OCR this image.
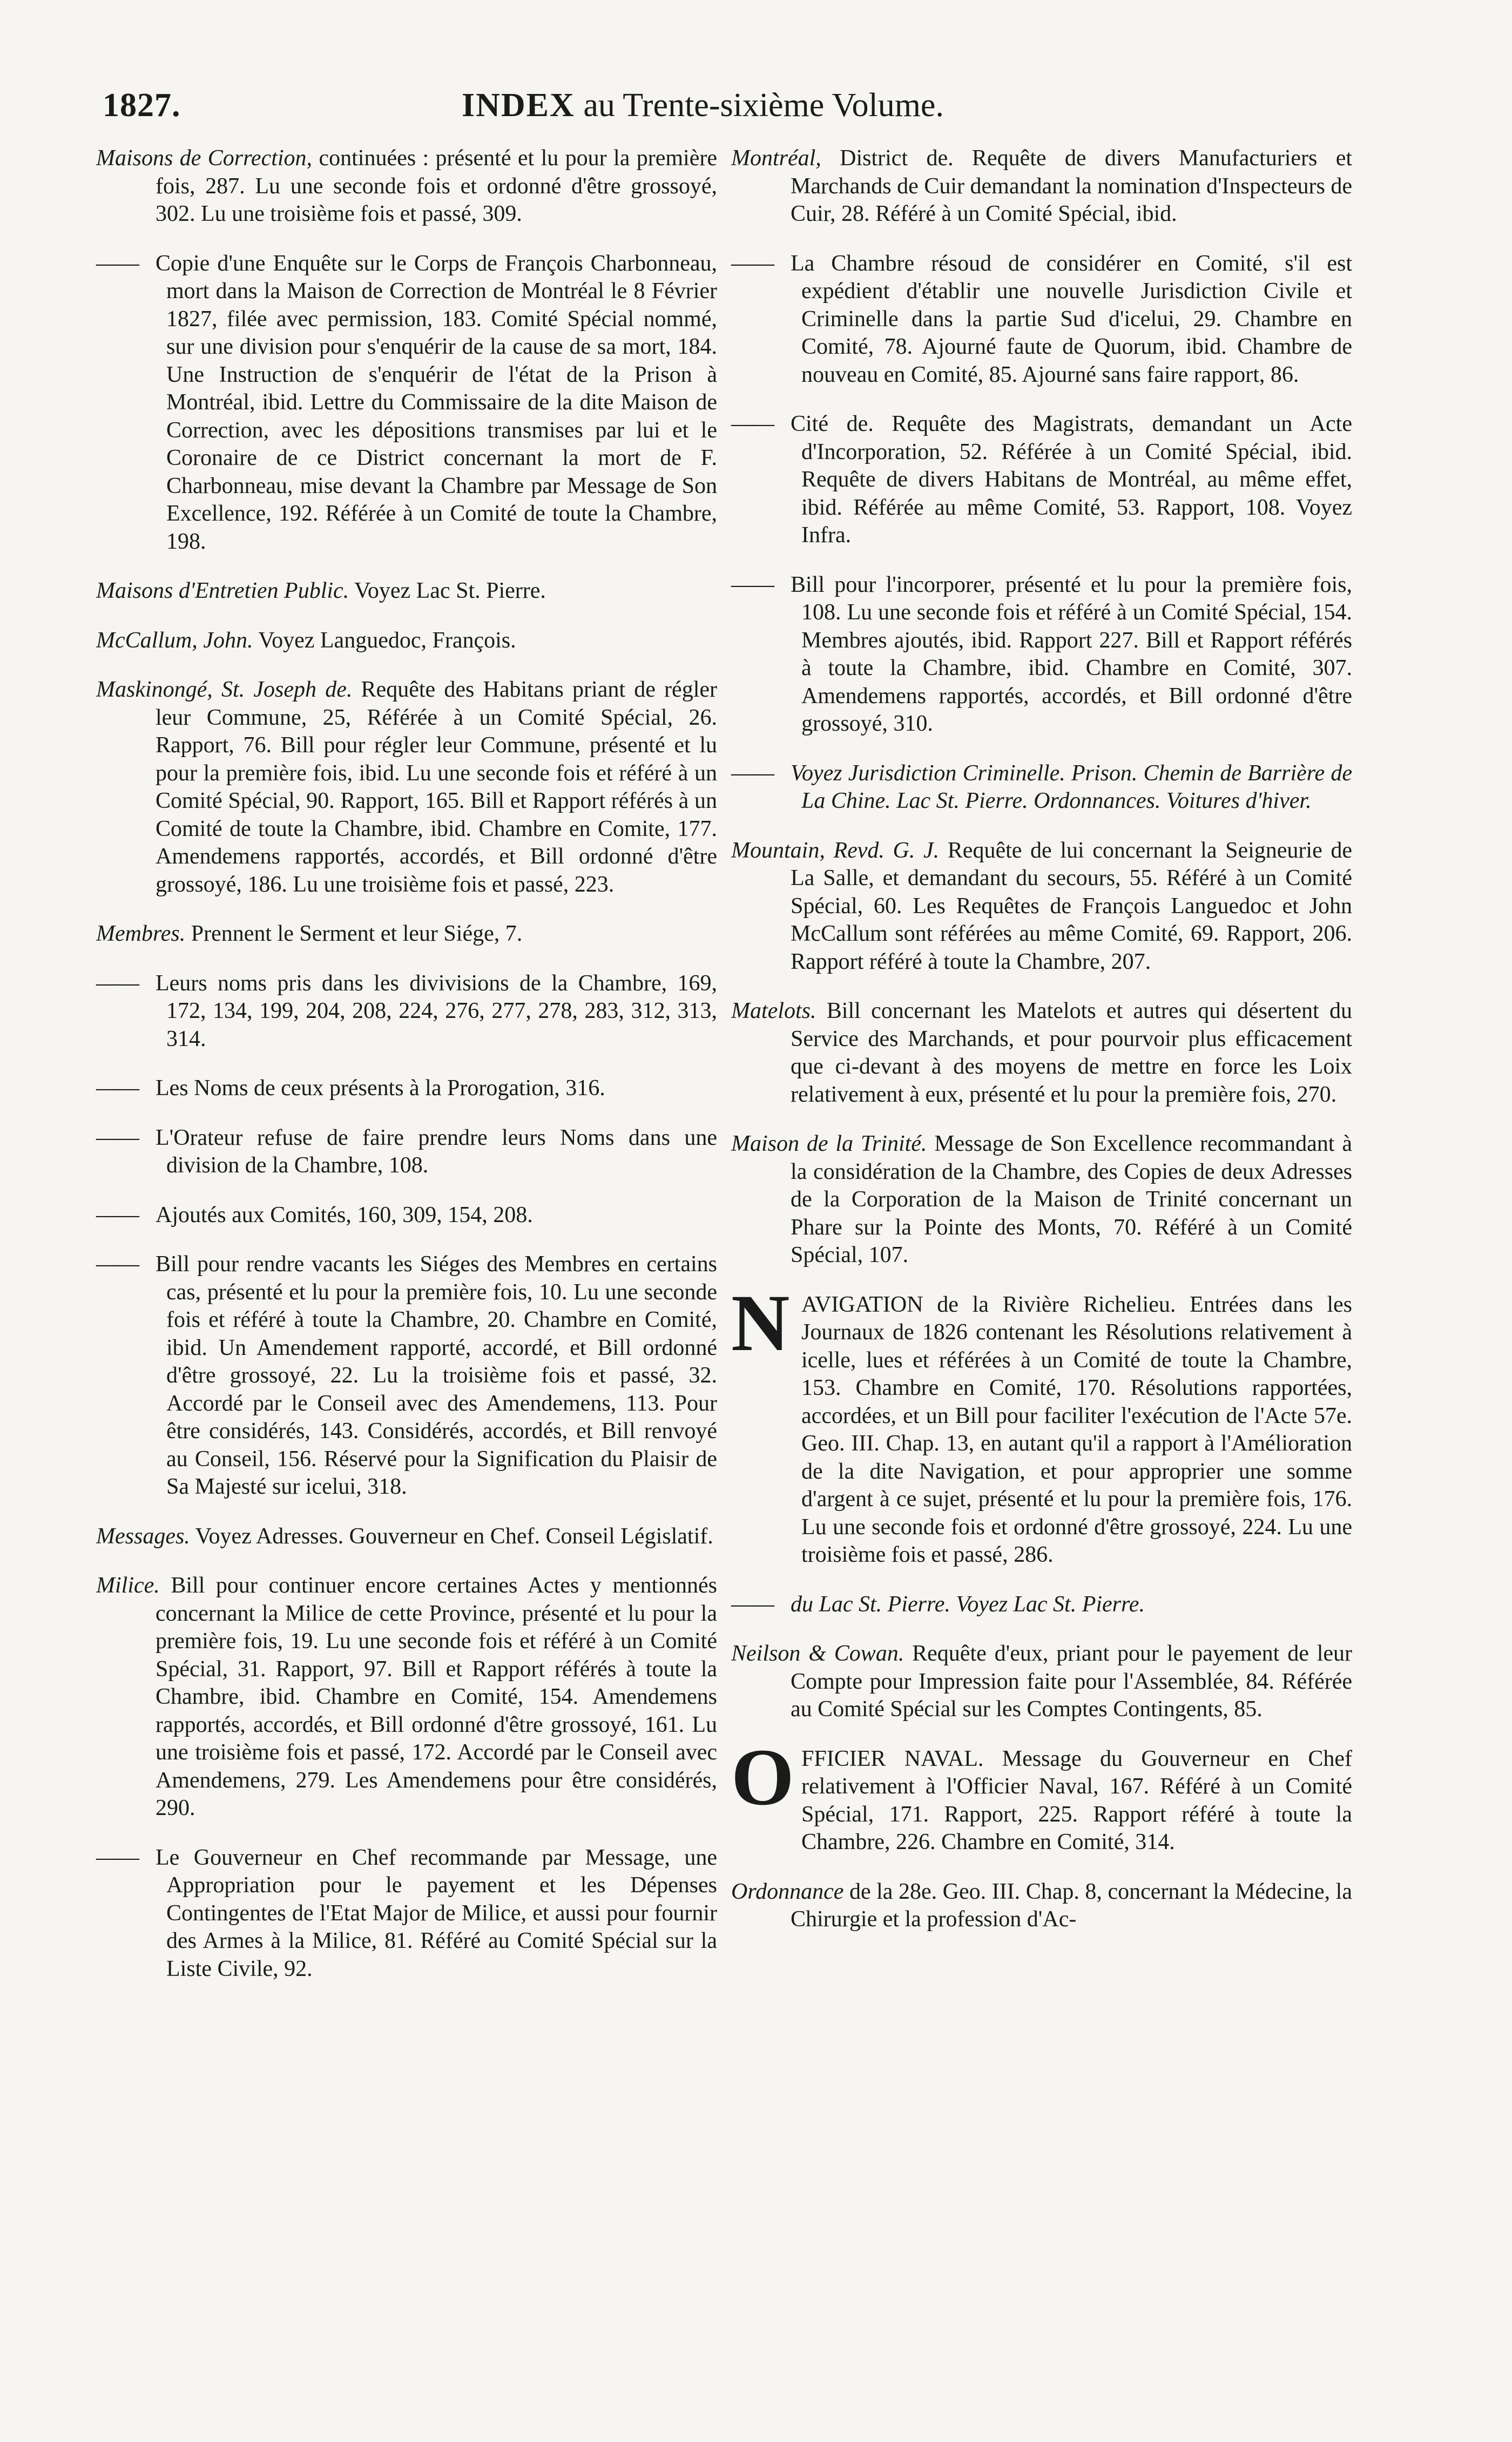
1827.	INDEX au Trente-sixième Volume.
Maisons de Correction, continuées : présenté et lu pour la première fois, 287. Lu une seconde fois et ordonné d'être grossoyé, 302. Lu une troisième fois et passé, 309.
—— Copie d'une Enquête sur le Corps de François Charbonneau, mort dans la Maison de Correction de Montréal le 8 Février 1827, filée avec permission, 183. Comité Spécial nommé, sur une division pour s'enquérir de la cause de sa mort, 184. Une Instruction de s'enquérir de l'état de la Prison à Montréal, ibid. Lettre du Commissaire de la dite Maison de Correction, avec les dépositions transmises par lui et le Coronaire de ce District concernant la mort de F. Charbonneau, mise devant la Chambre par Message de Son Excellence, 192. Référée à un Comité de toute la Chambre, 198.
Maisons d'Entretien Public. Voyez Lac St. Pierre.
McCallum, John. Voyez Languedoc, François.
Maskinongé, St. Joseph de. Requête des Habitans priant de régler leur Commune, 25, Référée à un Comité Spécial, 26. Rapport, 76. Bill pour régler leur Commune, présenté et lu pour la première fois, ibid. Lu une seconde fois et référé à un Comité Spécial, 90. Rapport, 165. Bill et Rapport référés à un Comité de toute la Chambre, ibid. Chambre en Comite, 177. Amendemens rapportés, accordés, et Bill ordonné d'être grossoyé, 186. Lu une troisième fois et passé, 223.
Membres. Prennent le Serment et leur Siége, 7.
—— Leurs noms pris dans les divivisions de la Chambre, 169, 172, 134, 199, 204, 208, 224, 276, 277, 278, 283, 312, 313, 314.
—— Les Noms de ceux présents à la Prorogation, 316.
—— L'Orateur refuse de faire prendre leurs Noms dans une division de la Chambre, 108.
—— Ajoutés aux Comités, 160, 309, 154, 208.
—— Bill pour rendre vacants les Siéges des Membres en certains cas, présenté et lu pour la première fois, 10. Lu une seconde fois et référé à toute la Chambre, 20. Chambre en Comité, ibid. Un Amendement rapporté, accordé, et Bill ordonné d'être grossoyé, 22. Lu la troisième fois et passé, 32. Accordé par le Conseil avec des Amendemens, 113. Pour être considérés, 143. Considérés, accordés, et Bill renvoyé au Conseil, 156. Réservé pour la Signification du Plaisir de Sa Majesté sur icelui, 318.
Messages. Voyez Adresses. Gouverneur en Chef. Conseil Législatif.
Milice. Bill pour continuer encore certaines Actes y mentionnés concernant la Milice de cette Province, présenté et lu pour la première fois, 19. Lu une seconde fois et référé à un Comité Spécial, 31. Rapport, 97. Bill et Rapport référés à toute la Chambre, ibid. Chambre en Comité, 154. Amendemens rapportés, accordés, et Bill ordonné d'être grossoyé, 161. Lu une troisième fois et passé, 172. Accordé par le Conseil avec Amendemens, 279. Les Amendemens pour être considérés, 290.
—— Le Gouverneur en Chef recommande par Message, une Appropriation pour le payement et les Dépenses Contingentes de l'Etat Major de Milice, et aussi pour fournir des Armes à la Milice, 81. Référé au Comité Spécial sur la Liste Civile, 92.
Montréal, District de. Requête de divers Manufacturiers et Marchands de Cuir demandant la nomination d'Inspecteurs de Cuir, 28. Référé à un Comité Spécial, ibid.
—— La Chambre résoud de considérer en Comité, s'il est expédient d'établir une nouvelle Jurisdiction Civile et Criminelle dans la partie Sud d'icelui, 29. Chambre en Comité, 78. Ajourné faute de Quorum, ibid. Chambre de nouveau en Comité, 85. Ajourné sans faire rapport, 86.
—— Cité de. Requête des Magistrats, demandant un Acte d'Incorporation, 52. Référée à un Comité Spécial, ibid. Requête de divers Habitans de Montréal, au même effet, ibid. Référée au même Comité, 53. Rapport, 108. Voyez Infra.
—— Bill pour l'incorporer, présenté et lu pour la première fois, 108. Lu une seconde fois et référé à un Comité Spécial, 154. Membres ajoutés, ibid. Rapport 227. Bill et Rapport référés à toute la Chambre, ibid. Chambre en Comité, 307. Amendemens rapportés, accordés, et Bill ordonné d'être grossoyé, 310.
—— Voyez Jurisdiction Criminelle. Prison. Chemin de Barrière de La Chine. Lac St. Pierre. Ordonnances. Voitures d'hiver.
Mountain, Revd. G. J. Requête de lui concernant la Seigneurie de La Salle, et demandant du secours, 55. Référé à un Comité Spécial, 60. Les Requêtes de François Languedoc et John McCallum sont référées au même Comité, 69. Rapport, 206. Rapport référé à toute la Chambre, 207.
Matelots. Bill concernant les Matelots et autres qui désertent du Service des Marchands, et pour pourvoir plus efficacement que ci-devant à des moyens de mettre en force les Loix relativement à eux, présenté et lu pour la première fois, 270.
Maison de la Trinité. Message de Son Excellence recommandant à la considération de la Chambre, des Copies de deux Adresses de la Corporation de la Maison de Trinité concernant un Phare sur la Pointe des Monts, 70. Référé à un Comité Spécial, 107.
N AVIGATION de la Rivière Richelieu. Entrées dans les Journaux de 1826 contenant les Résolutions relativement à icelle, lues et référées à un Comité de toute la Chambre, 153. Chambre en Comité, 170. Résolutions rapportées, accordées, et un Bill pour faciliter l'exécution de l'Acte 57e. Geo. III. Chap. 13, en autant qu'il a rapport à l'Amélioration de la dite Navigation, et pour approprier une somme d'argent à ce sujet, présenté et lu pour la première fois, 176. Lu une seconde fois et ordonné d'être grossoyé, 224. Lu une troisième fois et passé, 286.
—— du Lac St. Pierre. Voyez Lac St. Pierre.
Neilson & Cowan. Requête d'eux, priant pour le payement de leur Compte pour Impression faite pour l'Assemblée, 84. Référée au Comité Spécial sur les Comptes Contingents, 85.
O FFICIER NAVAL. Message du Gouverneur en Chef relativement à l'Officier Naval, 167. Référé à un Comité Spécial, 171. Rapport, 225. Rapport référé à toute la Chambre, 226. Chambre en Comité, 314.
Ordonnance de la 28e. Geo. III. Chap. 8, concernant la Médecine, la Chirurgie et la profession d'Ac-
